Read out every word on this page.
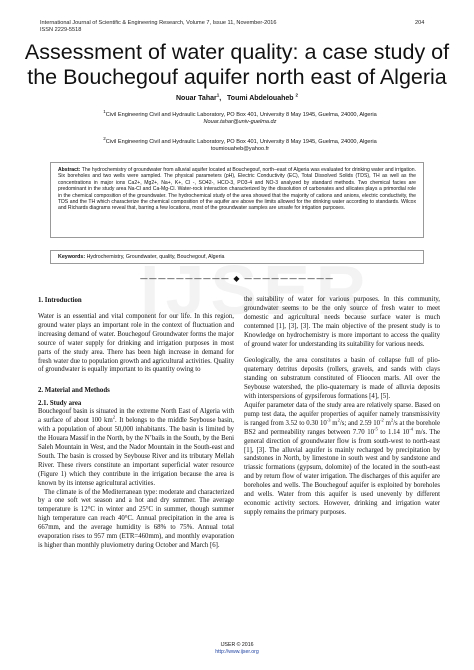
International Journal of Scientific & Engineering Research, Volume 7, Issue 11, November-2016
ISSN 2229-5518
204
Assessment of water quality: a case study of
the Bouchegouf aquifer north east of Algeria
Nouar Tahar$^1$, Toumi Abdelouaheb $^2$
$^1$Civil Engineering Civil and Hydraulic Laboratory, PO Box 401, University 8 May 1945, Guelma, 24000, Algeria
Nouar.tahar@univ-guelma.dz
$^2$Civil Engineering Civil and Hydraulic Laboratory, PO Box 401, University 8 May 1945, Guelma, 24000, Algeria
toumiouaheb@yahoo.fr
Abstract: The hydrochemistry of groundwater from alluvial aquifer located at Bouchegouf, north–east of Algeria was evaluated for drinking water and irrigation. Six boreholes and two wells were sampled. The physical parameters (pH), Electric Conductivity (EC), Total Dissolved Solids (TDS), TH as well as the concentrations in major ions Ca2+, Mg2+, Na+, K+, Cl -, SO42-, HCO-3, PO3-4 and NO-3 analyzed by standard methods. Two chemical facies are predominant in the study area Na-Cl and Ca-Mg-Cl. Water-rock interaction characterized by the dissolution of carbonates and silicates plays a primordial role in the chemical composition of the groundwater. The hydrochemical study of the area showed that the majority of cations and anions, electric conductivity, the TDS and the TH which characterize the chemical composition of the aquifer are above the limits allowed for the drinking water according to standards. Wilcox and Richards diagrams reveal that, barring a few locations, most of the groundwater samples are unsafe for irrigation purposes.
Keywords: Hydrochemistry, Groundwater, quality, Bouchegouf, Algeria
—————————— ◆ ——————————
1. Introduction

Water is an essential and vital component for our life. In this region, ground water plays an important role in the context of fluctuation and increasing demand of water. Bouchegouf Groundwater forms the major source of water supply for drinking and irrigation purposes in most parts of the study area. There has been high increase in demand for fresh water due to population growth and agricultural activities. Quality of groundwater is equally important to its quantity owing to

2. Material and Methods
2.1. Study area

Bouchegouf basin is situated in the extreme North East of Algeria with a surface of about 100 $km^2$. It belongs to the middle Seybouse basin, with a population of about 50,000 inhabitants. The basin is limited by the Houara Massif in the North, by the N’bails in the South, by the Beni Saleh Mountain in West, and the Nador Mountain in the South-east and South. The basin is crossed by Seybouse River and its tributary Mellah River. These rivers constitute an important superficial water resource (Figure 1) which they contribute in the irrigation because the area is known by its intense agricultural activities.

The climate is of the Mediterranean type: moderate and characterized by a one soft wet season and a hot and dry summer. The average temperature is 12°C in winter and 25°C in summer, though summer high temperature can reach 40°C. Annual precipitation in the area is 667mm, and the average humidity is 68% to 75%. Annual total evaporation rises to 957 mm (ETR=460mm), and monthly evaporation is higher than monthly pluviometry during October and March [6].

the suitability of water for various purposes. In this community, groundwater seems to be the only source of fresh water to meet domestic and agricultural needs because surface water is much contemned [1], [3], [3]. The main objective of the present study is to Knowledge on hydrochemistry is more important to access the quality of ground water for understanding its suitability for various needs.

Geologically, the area constitutes a basin of collapse full of plio-quaternary detritus deposits (rollers, gravels, and sands with clays standing on substratum constituted of Flioocen marls. All over the Seybouse watershed, the plio-quaternary is made of alluvia deposits with interspersions of gypsiferous formations [4], [5].

Aquifer parameter data of the study area are relatively sparse. Based on pump test data, the aquifer properties of aquifer namely transmissivity is ranged from 3.52 to 0.30 $10^{-3}$ $m^2/s$; and 2.59 $10^{-2}$ $m^2/s$ at the borehole BS2 and permeability ranges between 7.70 $10^{-5}$ to 1.14 $10^{-4}$ m/s. The general direction of groundwater flow is from south-west to north-east [1], [3]. The alluvial aquifer is mainly recharged by precipitation by sandstones in North, by limestone in south west and by sandstone and triassic formations (gypsum, dolomite) of the located in the south-east and by return flow of water irrigation. The discharges of this aquifer are boreholes and wells. The Bouchegouf aquifer is exploited by boreholes and wells. Water from this aquifer is used unevenly by different economic activity sectors. However, drinking and irrigation water supply remains the primary purposes.

IJSER © 2016
http://www.ijser.org
